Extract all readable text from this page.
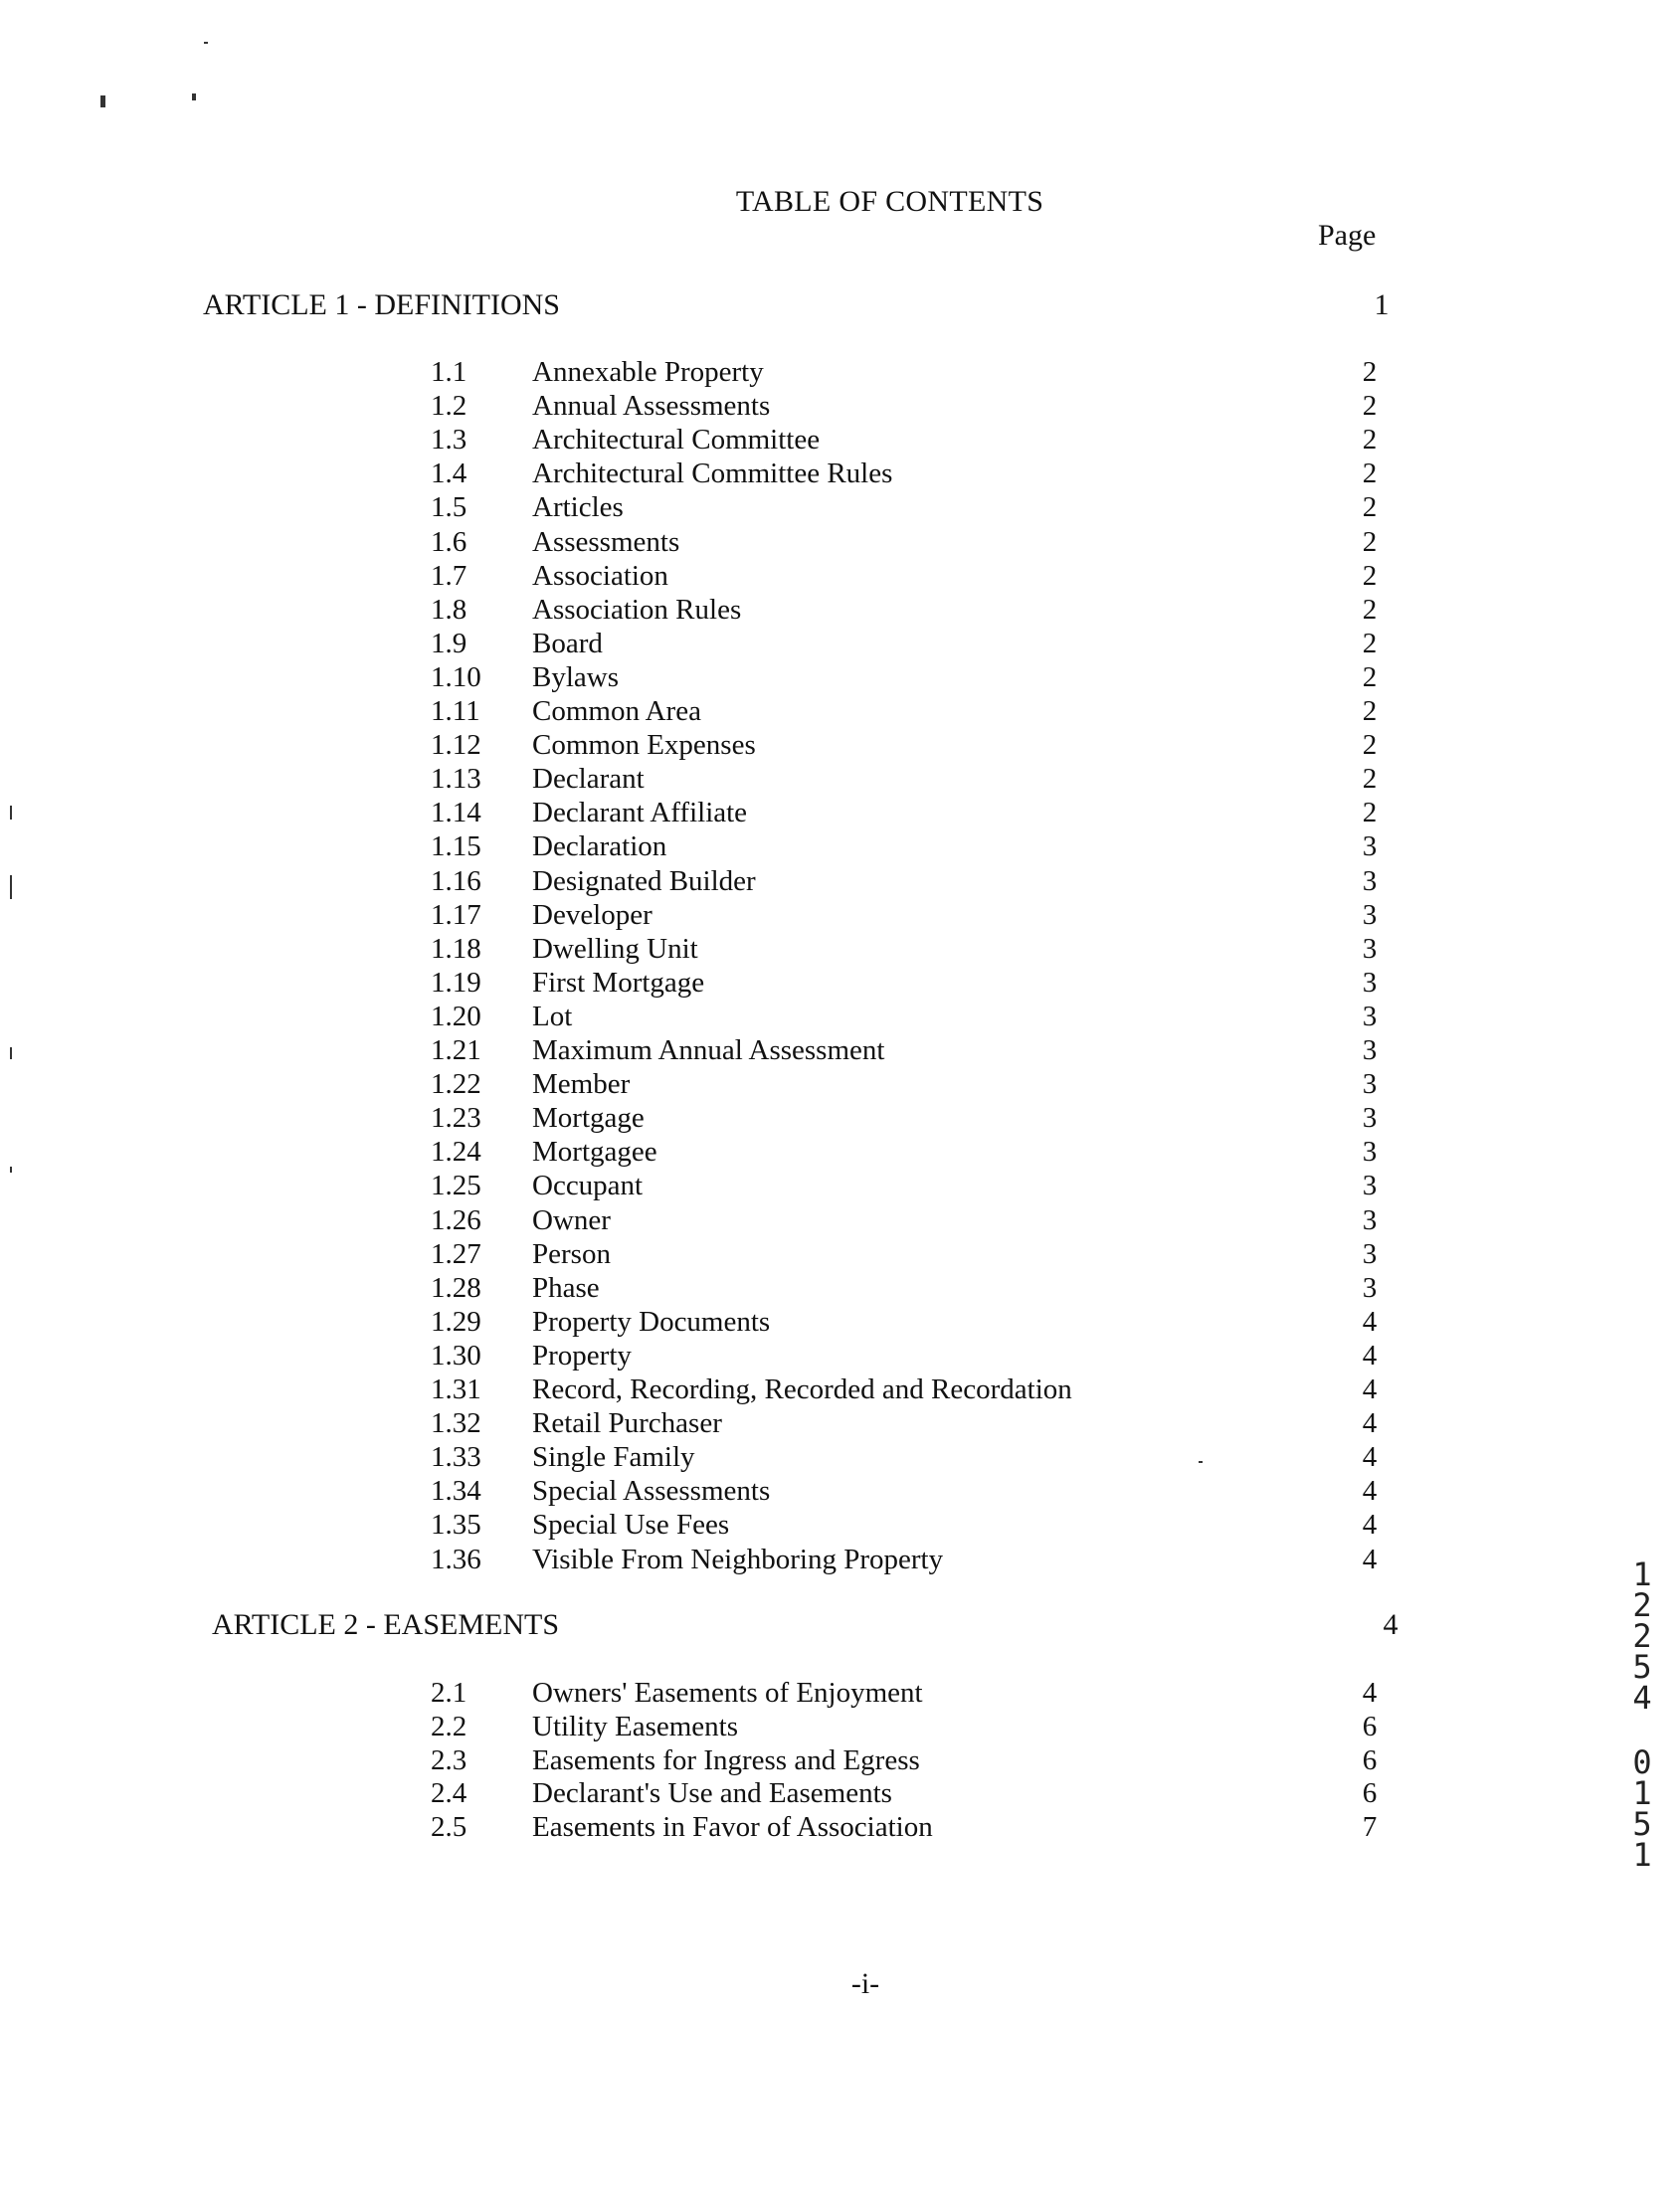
TABLE OF CONTENTS
Page
ARTICLE 1 - DEFINITIONS	1
1.1 Annexable Property	2
1.2 Annual Assessments	2
1.3 Architectural Committee	2
1.4 Architectural Committee Rules	2
1.5 Articles	2
1.6 Assessments	2
1.7 Association	2
1.8 Association Rules	2
1.9 Board	2
1.10 Bylaws	2
1.11 Common Area	2
1.12 Common Expenses	2
1.13 Declarant	2
1.14 Declarant Affiliate	2
1.15 Declaration	3
1.16 Designated Builder	3
1.17 Developer	3
1.18 Dwelling Unit	3
1.19 First Mortgage	3
1.20 Lot	3
1.21 Maximum Annual Assessment	3
1.22 Member	3
1.23 Mortgage	3
1.24 Mortgagee	3
1.25 Occupant	3
1.26 Owner	3
1.27 Person	3
1.28 Phase	3
1.29 Property Documents	4
1.30 Property	4
1.31 Record, Recording, Recorded and Recordation	4
1.32 Retail Purchaser	4
1.33 Single Family	4
1.34 Special Assessments	4
1.35 Special Use Fees	4
1.36 Visible From Neighboring Property	4
ARTICLE 2 - EASEMENTS	4
2.1 Owners' Easements of Enjoyment	4
2.2 Utility Easements	6
2.3 Easements for Ingress and Egress	6
2.4 Declarant's Use and Easements	6
2.5 Easements in Favor of Association	7
-i-
1
2
2
5
4
0
1
5
1
